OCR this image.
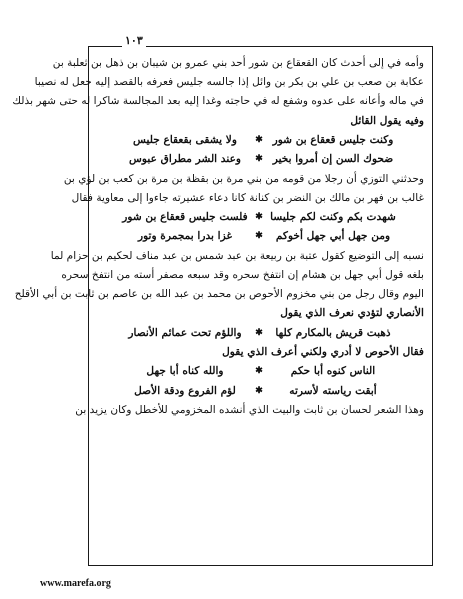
١٠٣
وأمه في إلى أحدث كان القعقاع بن شور أحد بني عمرو بن شيبان بن ذهل بن ثعلبة بن
عكابة بن صعب بن علي بن بكر بن وائل إذا جالسه جليس فعرفه بالقصد إليه جعل له نصيبا
في ماله وأعانه على عدوه وشفع له في حاجته وغدا إليه بعد المجالسة شاكرا له حتى شهر بذلك
وفيه يقول القائل
وكنت جليس قعقاع بن شور
✱
ولا يشقى بقعقاع جليس
ضحوك السن إن أمروا بخير
✱
وعند الشر مطراق عبوس
وحدثني التوزي أن رجلا من قومه من بني مرة بن بقظة بن مرة بن كعب بن لؤي بن
غالب بن فهر بن مالك بن النضر بن كنانة كانا دعاء عشيرته جاءوا إلى معاوية فقال
شهدت بكم وكنت لكم جليسا
✱
فلست جليس قعقاع بن شور
ومن جهل أبي جهل أخوكم
✱
غزا بدرا بمجمرة وتور
نسبه إلى التوضيع كقول عتبة بن ربيعة بن عبد شمس بن عبد مناف لحكيم بن حزام لما
بلغه قول أبي جهل بن هشام إن انتفخ سحره وقد سبعه مصفر أسته من انتفخ سحره
اليوم وقال رجل من بني مخزوم الأحوص بن محمد بن عبد الله بن عاصم بن ثابت بن أبي الأقلح
الأنصاري لتؤدي نعرف الذي يقول
ذهبت قريش بالمكارم كلها
✱
واللؤم تحت عمائم الأنصار
فقال الأحوص لا أدري ولكني أعرف الذي يقول
الناس كنوه أبا حكم
✱
والله كناه أبا جهل
أبقت رياسته لأسرته
✱
لؤم الفروع ودقة الأصل
وهذا الشعر لحسان بن ثابت والبيت الذي أنشده المخزومي للأخطل وكان يزيد بن
www.marefa.org
